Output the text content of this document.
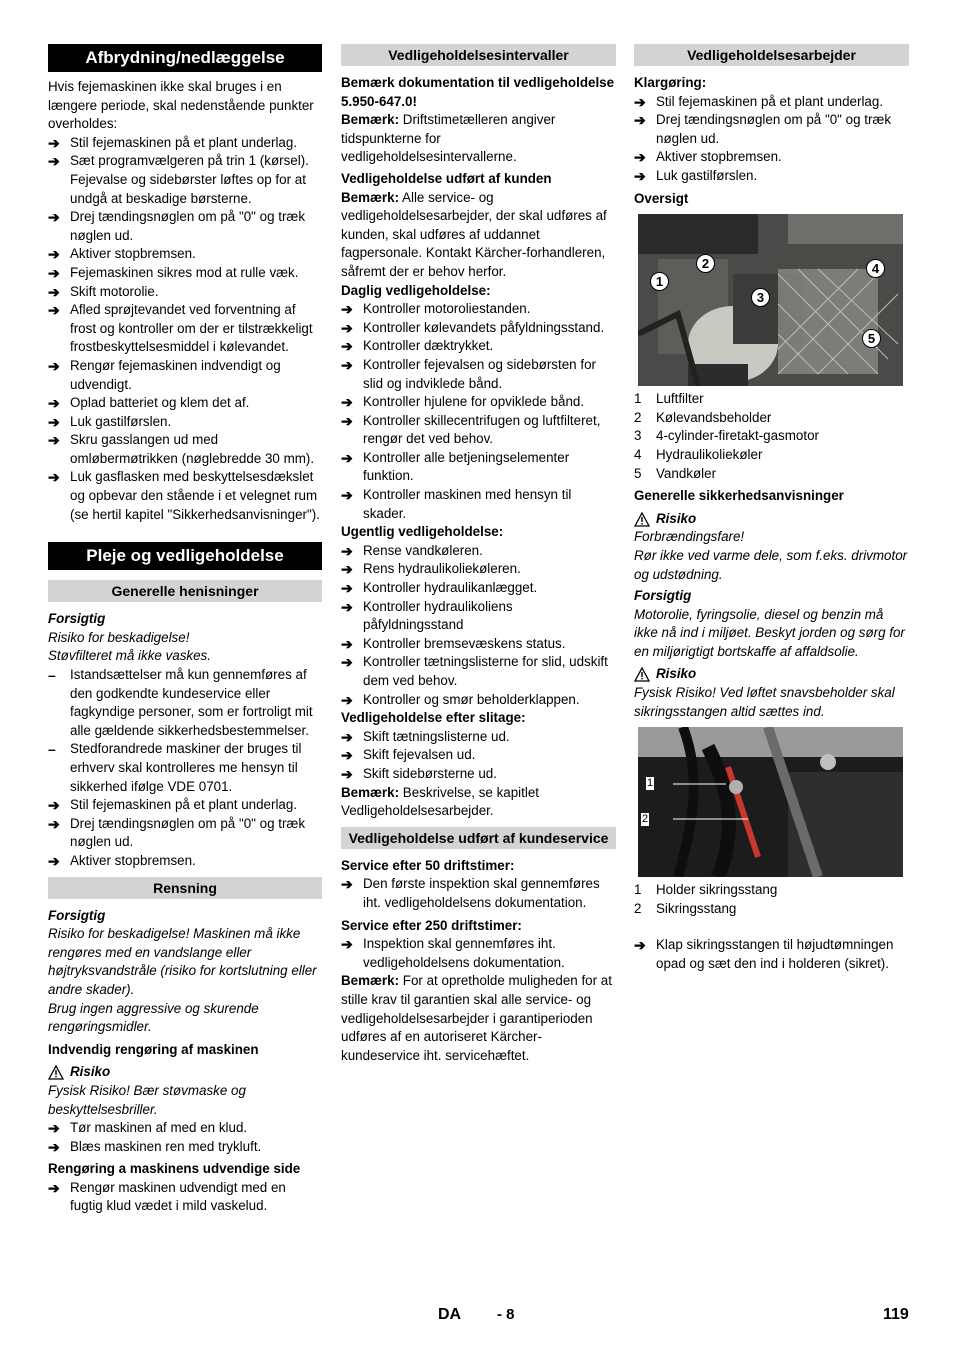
Afbrydning/nedlæggelse

Hvis fejemaskinen ikke skal bruges i en længere periode, skal nedenstående punkter overholdes:

➔ Stil fejemaskinen på et plant underlag.
➔ Sæt programvælgeren på trin 1 (kørsel). Fejevalse og sidebørster løftes op for at undgå at beskadige børsterne.
➔ Drej tændingsnøglen om på "0" og træk nøglen ud.
➔ Aktiver stopbremsen.
➔ Fejemaskinen sikres mod at rulle væk.
➔ Skift motorolie.
➔ Afled sprøjtevandet ved forventning af frost og kontroller om der er tilstrækkeligt frostbeskyttelsesmiddel i kølevandet.
➔ Rengør fejemaskinen indvendigt og udvendigt.
➔ Oplad batteriet og klem det af.
➔ Luk gastilførslen.
➔ Skru gasslangen ud med omløbermøtrikken (nøglebredde 30 mm).
➔ Luk gasflasken med beskyttelsesdækslet og opbevar den stående i et velegnet rum (se hertil kapitel "Sikkerhedsanvisninger").
Pleje og vedligeholdelse
Generelle henisninger
Forsigtig

Risiko for beskadigelse!
Støvfilteret må ikke vaskes.

– Istandsættelser må kun gennemføres af den godkendte kundeservice eller fagkyndige personer, som er fortroligt mit alle gældende sikkerhedsbestemmelser.
– Stedforandrede maskiner der bruges til erhverv skal kontrolleres me hensyn til sikkerhed ifølge VDE 0701.
➔ Stil fejemaskinen på et plant underlag.
➔ Drej tændingsnøglen om på "0" og træk nøglen ud.
➔ Aktiver stopbremsen.
Rensning
Forsigtig

Risiko for beskadigelse! Maskinen må ikke rengøres med en vandslange eller højtryksvandstråle (risiko for kortslutning eller andre skader).
Brug ingen aggressive og skurende rengøringsmidler.

Indvendig rengøring af maskinen
Risiko

Fysisk Risiko! Bær støvmaske og beskyttelsesbriller.

➔ Tør maskinen af med en klud.
➔ Blæs maskinen ren med trykluft.
Rengøring a maskinens udvendige side
➔ Rengør maskinen udvendigt med en fugtig klud vædet i mild vaskelud.
Vedligeholdelsesintervaller
Bemærk dokumentation til vedligeholdelse 5.950-647.0!

Bemærk: Driftstimetælleren angiver tidspunkterne for vedligeholdelsesintervallerne.

Vedligeholdelse udført af kunden

Bemærk: Alle service- og vedligeholdelsesarbejder, der skal udføres af kunden, skal udføres af uddannet fagpersonale. Kontakt Kärcher-forhandleren, såfremt der er behov herfor.

Daglig vedligeholdelse:
➔ Kontroller motoroliestanden.
➔ Kontroller kølevandets påfyldningsstand.
➔ Kontroller dæktrykket.
➔ Kontroller fejevalsen og sidebørsten for slid og indviklede bånd.
➔ Kontroller hjulene for opviklede bånd.
➔ Kontroller skillecentrifugen og luftfilteret, rengør det ved behov.
➔ Kontroller alle betjeningselementer funktion.
➔ Kontroller maskinen med hensyn til skader.
Ugentlig vedligeholdelse:
➔ Rense vandkøleren.
➔ Rens hydraulikoliekøleren.
➔ Kontroller hydraulikanlægget.
➔ Kontroller hydraulikoliens påfyldningsstand
➔ Kontroller bremsevæskens status.
➔ Kontroller tætningslisterne for slid, udskift dem ved behov.
➔ Kontroller og smør beholderklappen.
Vedligeholdelse efter slitage:
➔ Skift tætningslisterne ud.
➔ Skift fejevalsen ud.
➔ Skift sidebørsterne ud.

Bemærk: Beskrivelse, se kapitlet Vedligeholdelsesarbejder.

Vedligeholdelse udført af kundeservice
Service efter 50 driftstimer:
➔ Den første inspektion skal gennemføres iht. vedligeholdelsens dokumentation.
Service efter 250 driftstimer:
➔ Inspektion skal gennemføres iht. vedligeholdelsens dokumentation.

Bemærk: For at opretholde muligheden for at stille krav til garantien skal alle service- og vedligeholdelsesarbejder i garantiperioden udføres af en autoriseret Kärcher-kundeservice iht. servicehæftet.

Vedligeholdelsesarbejder
Klargøring:
➔ Stil fejemaskinen på et plant underlag.
➔ Drej tændingsnøglen om på "0" og træk nøglen ud.
➔ Aktiver stopbremsen.
➔ Luk gastilførslen.
Oversigt
1
2
3
4
5
1	Luftfilter
2	Kølevandsbeholder
3	4-cylinder-firetakt-gasmotor
4	Hydraulikoliekøler
5	Vandkøler
Generelle sikkerhedsanvisninger
Risiko

Forbrændingsfare!
Rør ikke ved varme dele, som f.eks. drivmotor og udstødning.

Forsigtig

Motorolie, fyringsolie, diesel og benzin må ikke nå ind i miljøet. Beskyt jorden og sørg for en miljørigtigt bortskaffe af affaldsolie.

Risiko

Fysisk Risiko! Ved løftet snavsbeholder skal sikringsstangen altid sættes ind.

1
2
1	Holder sikringsstang
2	Sikringsstang
➔ Klap sikringsstangen til højudtømningen opad og sæt den ind i holderen (sikret).
DA - 8	119
